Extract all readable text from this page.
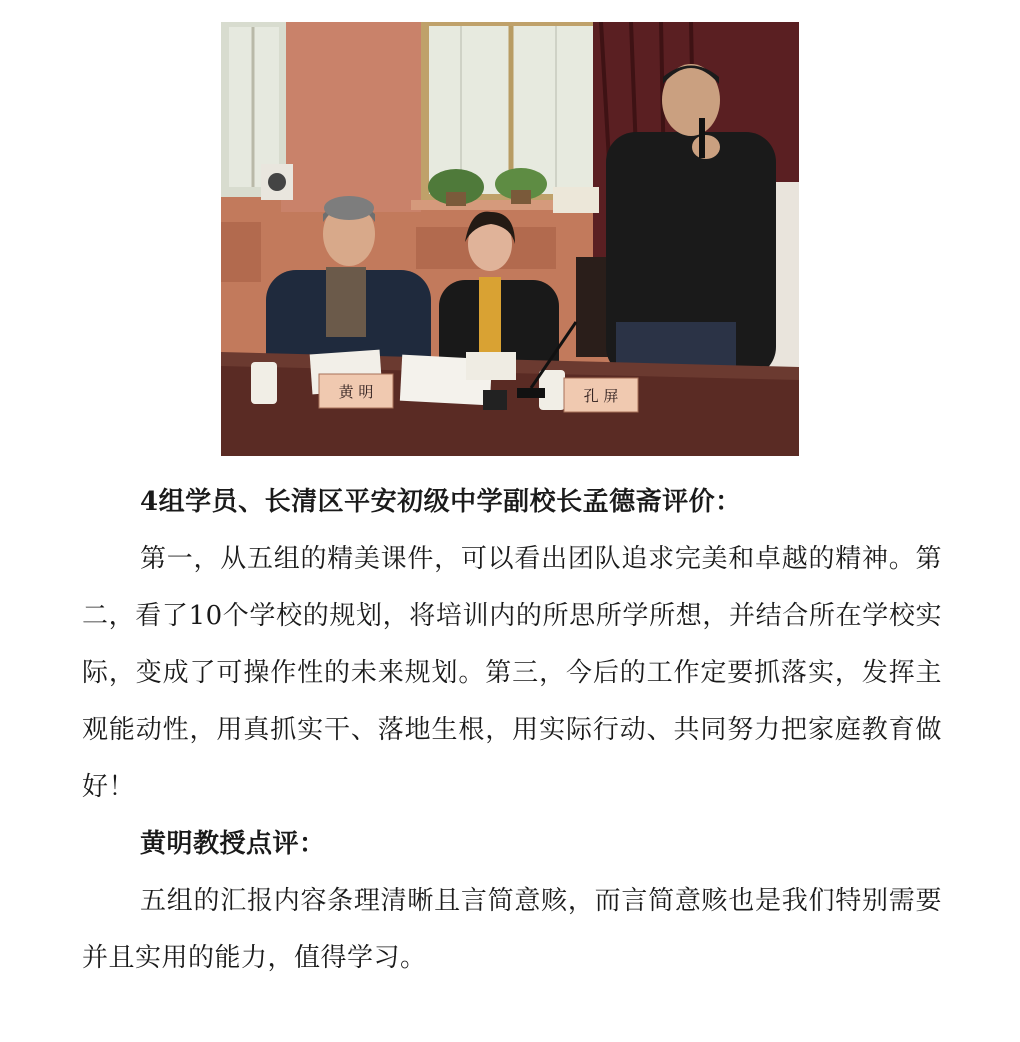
黄 明	孔 屏

4组学员、长清区平安初级中学副校长孟德斋评价：

第一，从五组的精美课件，可以看出团队追求完美和卓越的精神。第二，看了10个学校的规划，将培训内的所思所学所想，并结合所在学校实际，变成了可操作性的未来规划。第三，今后的工作定要抓落实，发挥主观能动性，用真抓实干、落地生根，用实际行动、共同努力把家庭教育做好！

黄明教授点评：

五组的汇报内容条理清晰且言简意赅，而言简意赅也是我们特别需要并且实用的能力，值得学习。
